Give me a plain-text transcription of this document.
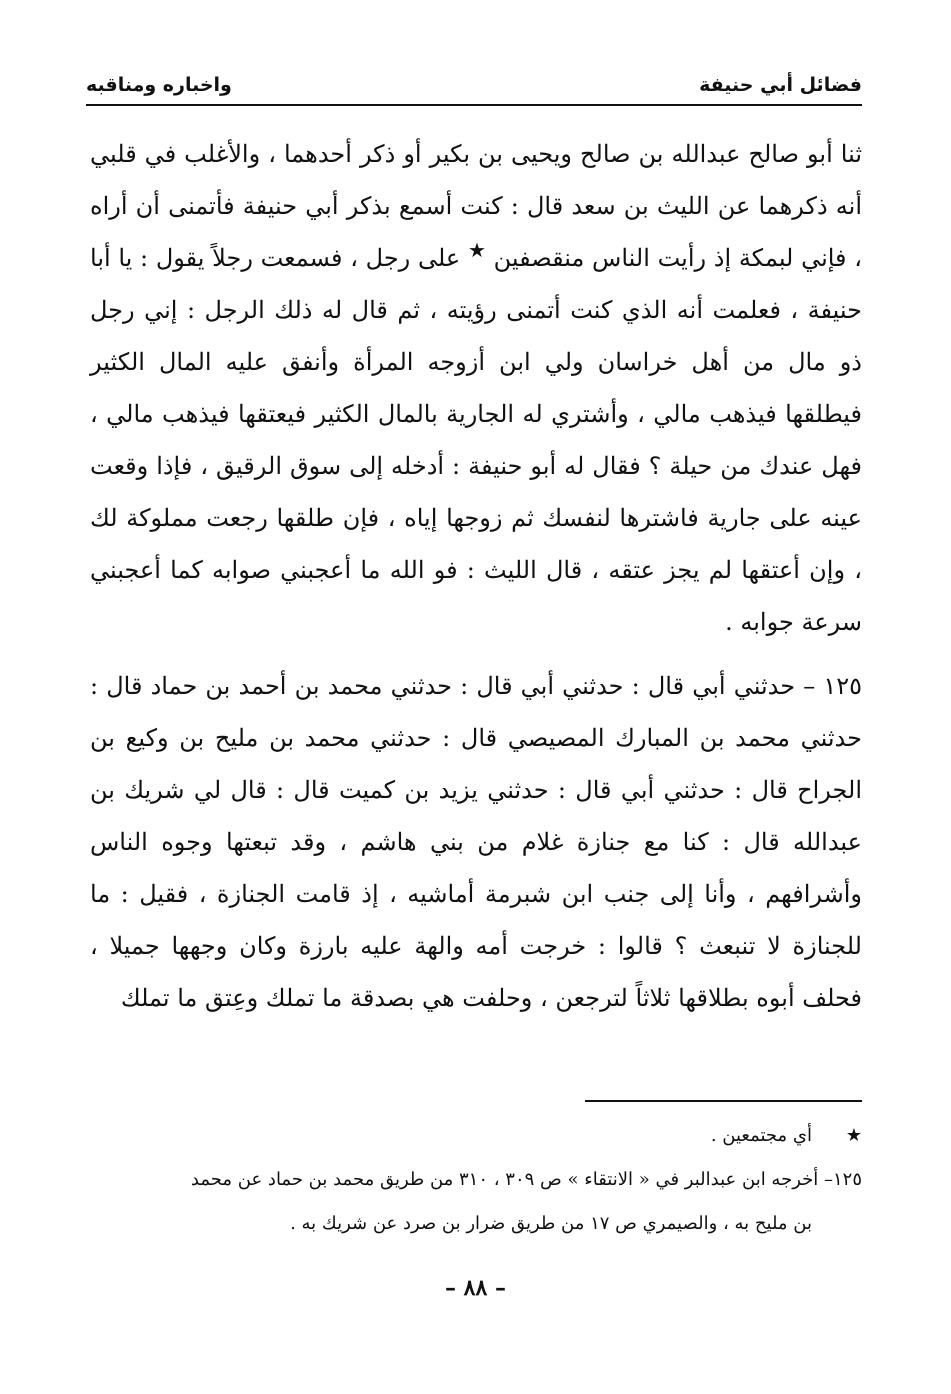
فضائل أبي حنيفة
واخباره ومناقبه

ثنا أبو صالح عبدالله بن صالح ويحيى بن بكير أو ذكر أحدهما ، والأغلب في قلبي أنه ذكرهما عن الليث بن سعد قال : كنت أسمع بذكر أبي حنيفة فأتمنى أن أراه ، فإني لبمكة إذ رأيت الناس منقصفين ★ على رجل ، فسمعت رجلاً يقول : يا أبا حنيفة ، فعلمت أنه الذي كنت أتمنى رؤيته ، ثم قال له ذلك الرجل : إني رجل ذو مال من أهل خراسان ولي ابن أزوجه المرأة وأنفق عليه المال الكثير فيطلقها فيذهب مالي ، وأشتري له الجارية بالمال الكثير فيعتقها فيذهب مالي ، فهل عندك من حيلة ؟ فقال له أبو حنيفة : أدخله إلى سوق الرقيق ، فإذا وقعت عينه على جارية فاشترها لنفسك ثم زوجها إياه ، فإن طلقها رجعت مملوكة لك ، وإن أعتقها لم يجز عتقه ، قال الليث : فو الله ما أعجبني صوابه كما أعجبني سرعة جوابه .

١٢٥ – حدثني أبي قال : حدثني أبي قال : حدثني محمد بن أحمد بن حماد قال : حدثني محمد بن المبارك المصيصي قال : حدثني محمد بن مليح بن وكيع بن الجراح قال : حدثني أبي قال : حدثني يزيد بن كميت قال : قال لي شريك بن عبدالله قال : كنا مع جنازة غلام من بني هاشم ، وقد تبعتها وجوه الناس وأشرافهم ، وأنا إلى جنب ابن شبرمة أماشيه ، إذ قامت الجنازة ، فقيل : ما للجنازة لا تنبعث ؟ قالوا : خرجت أمه والهة عليه بارزة وكان وجهها جميلا ، فحلف أبوه بطلاقها ثلاثاً لترجعن ، وحلفت هي بصدقة ما تملك وعِتق ما تملك

★أي مجتمعين .

١٢٥– أخرجه ابن عبدالبر في « الانتقاء » ص ٣٠٩ ، ٣١٠ من طريق محمد بن حماد عن محمد
بن مليح به ، والصيمري ص ١٧ من طريق ضرار بن صرد عن شريك به .

– ٨٨ –
